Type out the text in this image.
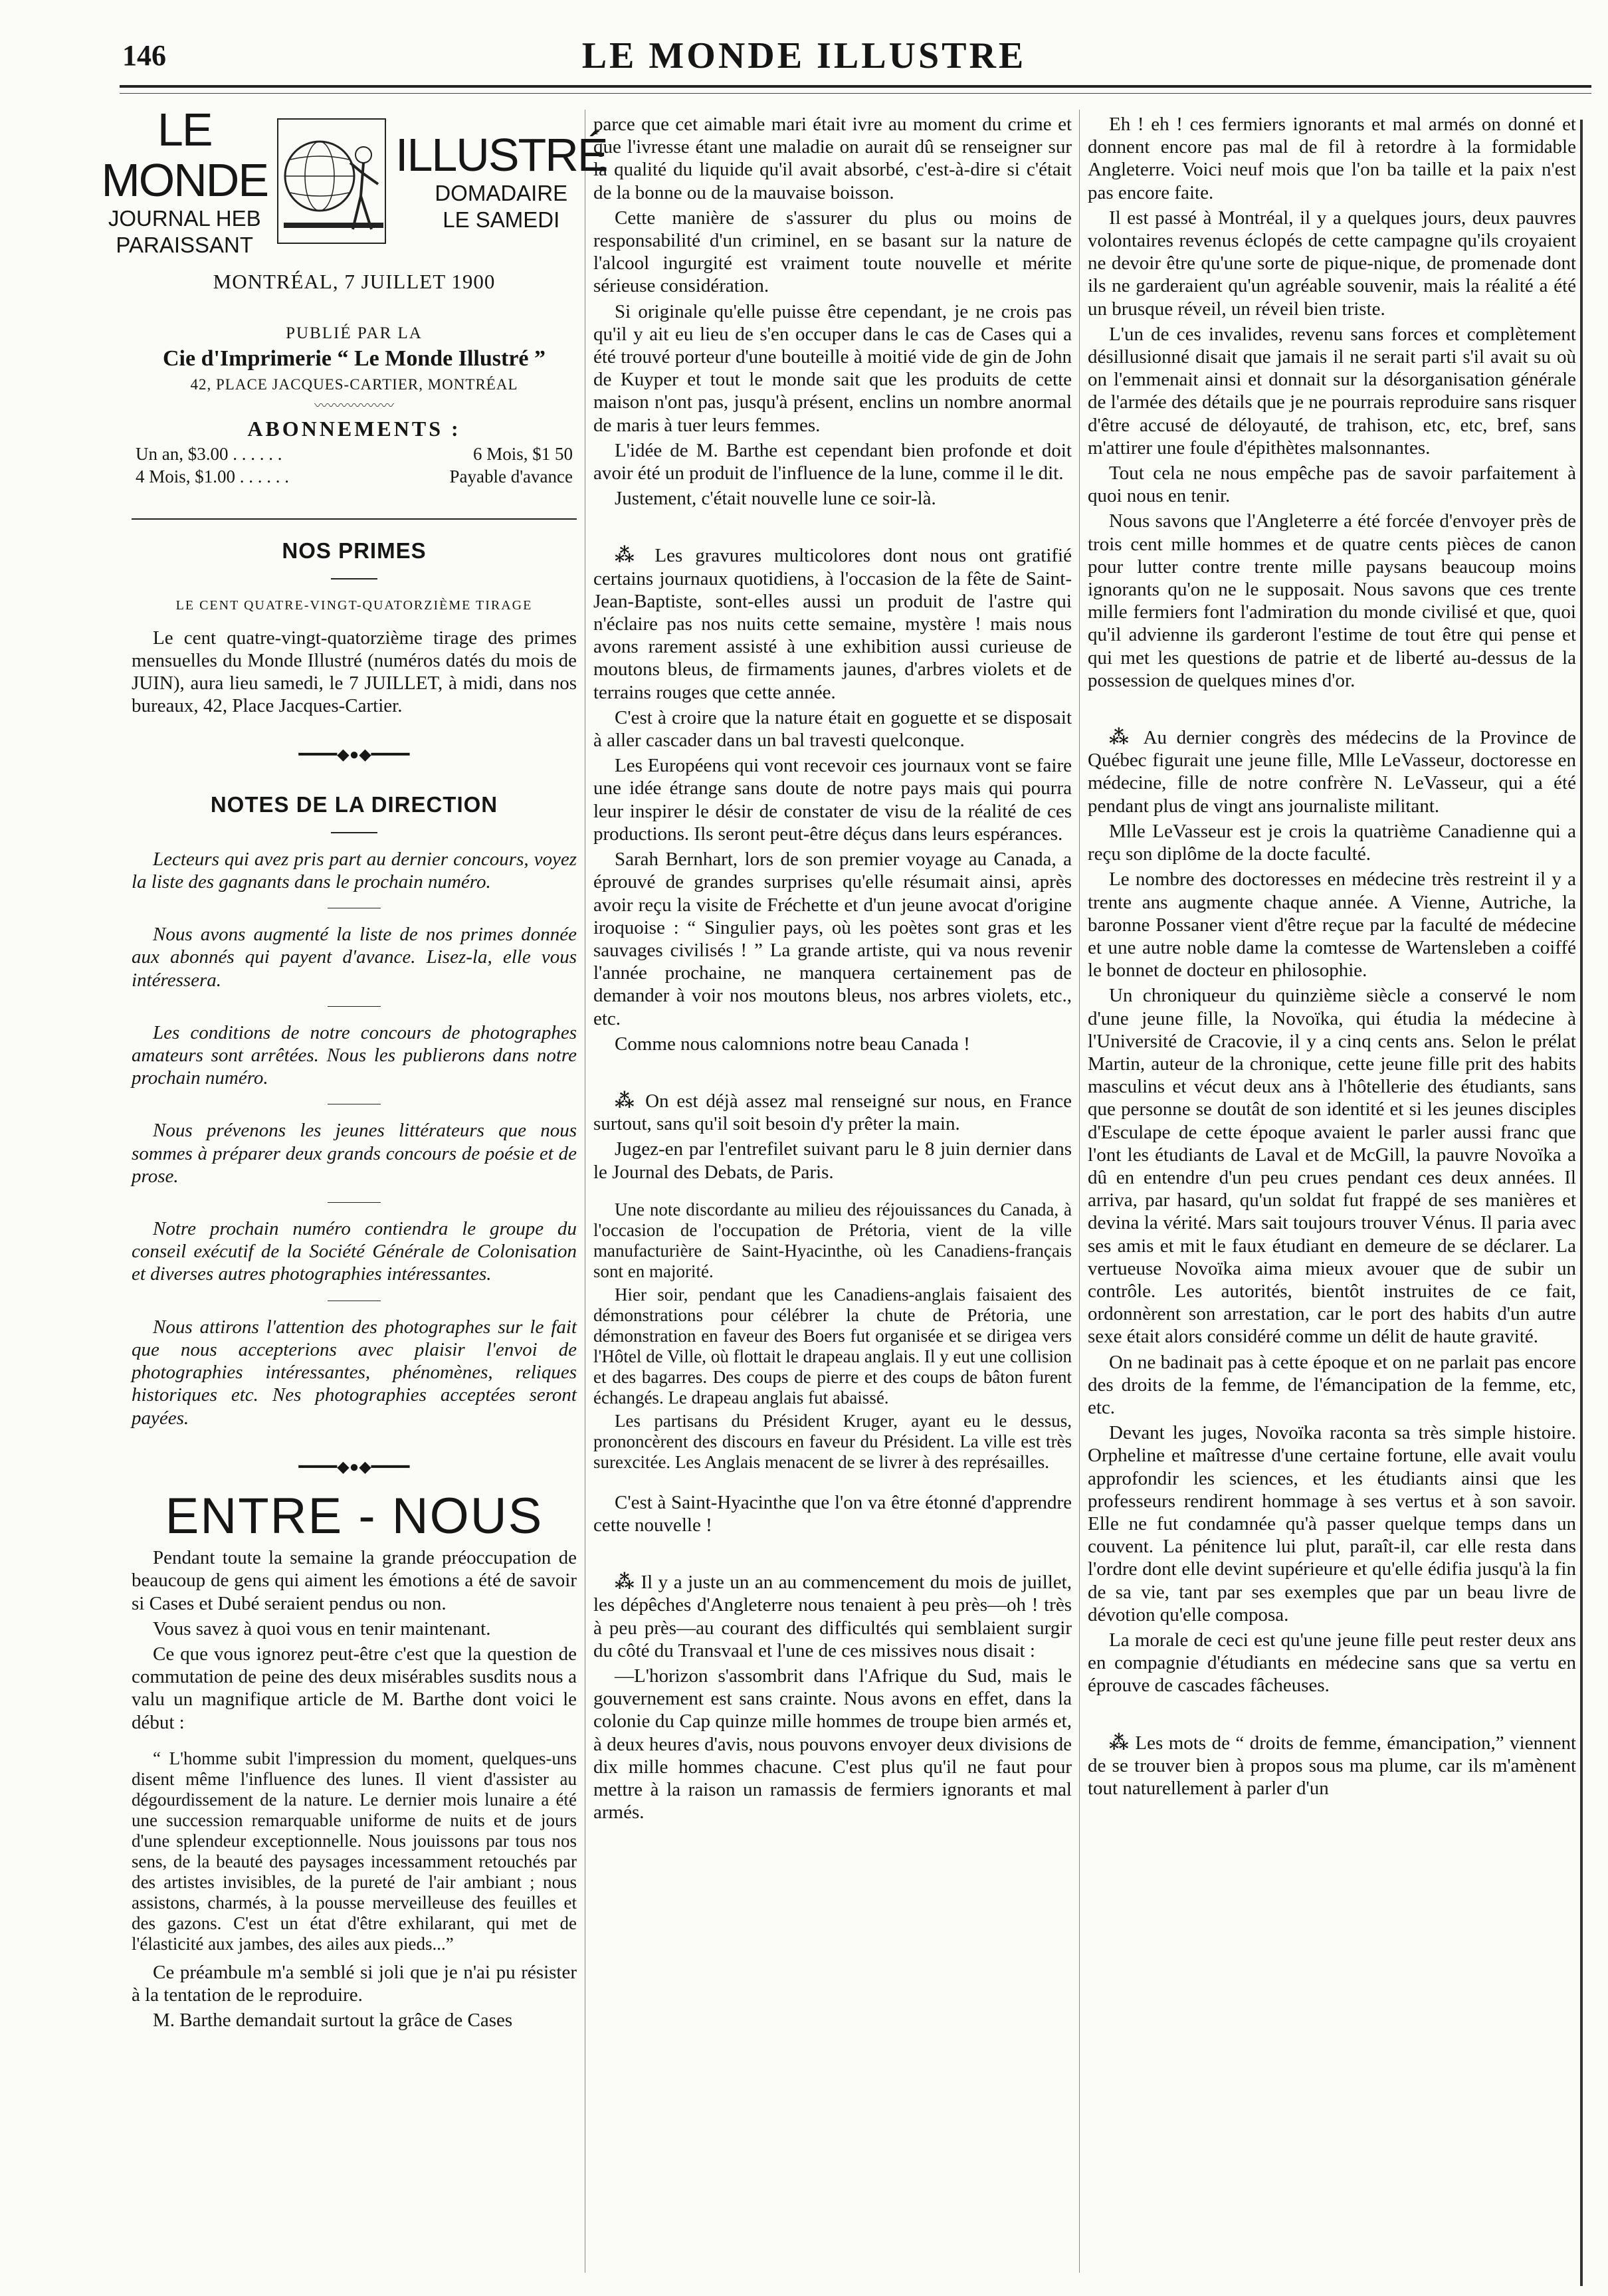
146	LE MONDE ILLUSTRE
LE MONDE
JOURNAL HEB
PARAISSANT
ILLUSTRÉ
DOMADAIRE
LE SAMEDI
MONTRÉAL, 7 JUILLET 1900
PUBLIÉ PAR LA
Cie d'Imprimerie “ Le Monde Illustré ”
42, PLACE JACQUES-CARTIER, MONTRÉAL
〰〰〰〰〰〰
ABONNEMENTS :
Un an, $3.00 . . . . . .	6 Mois, $1 50
4 Mois, $1.00 . . . . . .	Payable d'avance
NOS PRIMES
LE CENT QUATRE-VINGT-QUATORZIÈME TIRAGE

Le cent quatre-vingt-quatorzième tirage des primes mensuelles du Monde Illustré (numéros datés du mois de JUIN), aura lieu samedi, le 7 JUILLET, à midi, dans nos bureaux, 42, Place Jacques-Cartier.

━━━━◆●◆━━━━
NOTES DE LA DIRECTION

Lecteurs qui avez pris part au dernier concours, voyez la liste des gagnants dans le prochain numéro.

Nous avons augmenté la liste de nos primes donnée aux abonnés qui payent d'avance. Lisez-la, elle vous intéressera.

Les conditions de notre concours de photographes amateurs sont arrêtées. Nous les publierons dans notre prochain numéro.

Nous prévenons les jeunes littérateurs que nous sommes à préparer deux grands concours de poésie et de prose.

Notre prochain numéro contiendra le groupe du conseil exécutif de la Société Générale de Colonisation et diverses autres photographies intéressantes.

Nous attirons l'attention des photographes sur le fait que nous accepterions avec plaisir l'envoi de photographies intéressantes, phénomènes, reliques historiques etc. Nes photographies acceptées seront payées.

━━━━◆●◆━━━━
ENTRE - NOUS

Pendant toute la semaine la grande préoccupation de beaucoup de gens qui aiment les émotions a été de savoir si Cases et Dubé seraient pendus ou non.

Vous savez à quoi vous en tenir maintenant.

Ce que vous ignorez peut-être c'est que la question de commutation de peine des deux misérables susdits nous a valu un magnifique article de M. Barthe dont voici le début :

“ L'homme subit l'impression du moment, quelques-uns disent même l'influence des lunes. Il vient d'assister au dégourdissement de la nature. Le dernier mois lunaire a été une succession remarquable uniforme de nuits et de jours d'une splendeur exceptionnelle. Nous jouissons par tous nos sens, de la beauté des paysages incessamment retouchés par des artistes invisibles, de la pureté de l'air ambiant ; nous assistons, charmés, à la pousse merveilleuse des feuilles et des gazons. C'est un état d'être exhilarant, qui met de l'élasticité aux jambes, des ailes aux pieds...”

Ce préambule m'a semblé si joli que je n'ai pu résister à la tentation de le reproduire.

M. Barthe demandait surtout la grâce de Cases

parce que cet aimable mari était ivre au moment du crime et que l'ivresse étant une maladie on aurait dû se renseigner sur la qualité du liquide qu'il avait absorbé, c'est-à-dire si c'était de la bonne ou de la mauvaise boisson.

Cette manière de s'assurer du plus ou moins de responsabilité d'un criminel, en se basant sur la nature de l'alcool ingurgité est vraiment toute nouvelle et mérite sérieuse considération.

Si originale qu'elle puisse être cependant, je ne crois pas qu'il y ait eu lieu de s'en occuper dans le cas de Cases qui a été trouvé porteur d'une bouteille à moitié vide de gin de John de Kuyper et tout le monde sait que les produits de cette maison n'ont pas, jusqu'à présent, enclins un nombre anormal de maris à tuer leurs femmes.

L'idée de M. Barthe est cependant bien profonde et doit avoir été un produit de l'influence de la lune, comme il le dit.

Justement, c'était nouvelle lune ce soir-là.

⁂ Les gravures multicolores dont nous ont gratifié certains journaux quotidiens, à l'occasion de la fête de Saint-Jean-Baptiste, sont-elles aussi un produit de l'astre qui n'éclaire pas nos nuits cette semaine, mystère ! mais nous avons rarement assisté à une exhibition aussi curieuse de moutons bleus, de firmaments jaunes, d'arbres violets et de terrains rouges que cette année.

C'est à croire que la nature était en goguette et se disposait à aller cascader dans un bal travesti quelconque.

Les Européens qui vont recevoir ces journaux vont se faire une idée étrange sans doute de notre pays mais qui pourra leur inspirer le désir de constater de visu de la réalité de ces productions. Ils seront peut-être déçus dans leurs espérances.

Sarah Bernhart, lors de son premier voyage au Canada, a éprouvé de grandes surprises qu'elle résumait ainsi, après avoir reçu la visite de Fréchette et d'un jeune avocat d'origine iroquoise : “ Singulier pays, où les poètes sont gras et les sauvages civilisés ! ” La grande artiste, qui va nous revenir l'année prochaine, ne manquera certainement pas de demander à voir nos moutons bleus, nos arbres violets, etc., etc.

Comme nous calomnions notre beau Canada !

⁂ On est déjà assez mal renseigné sur nous, en France surtout, sans qu'il soit besoin d'y prêter la main.

Jugez-en par l'entrefilet suivant paru le 8 juin dernier dans le Journal des Debats, de Paris.

Une note discordante au milieu des réjouissances du Canada, à l'occasion de l'occupation de Prétoria, vient de la ville manufacturière de Saint-Hyacinthe, où les Canadiens-français sont en majorité.

Hier soir, pendant que les Canadiens-anglais faisaient des démonstrations pour célébrer la chute de Prétoria, une démonstration en faveur des Boers fut organisée et se dirigea vers l'Hôtel de Ville, où flottait le drapeau anglais. Il y eut une collision et des bagarres. Des coups de pierre et des coups de bâton furent échangés. Le drapeau anglais fut abaissé.

Les partisans du Président Kruger, ayant eu le dessus, prononcèrent des discours en faveur du Président. La ville est très surexcitée. Les Anglais menacent de se livrer à des représailles.

C'est à Saint-Hyacinthe que l'on va être étonné d'apprendre cette nouvelle !

⁂ Il y a juste un an au commencement du mois de juillet, les dépêches d'Angleterre nous tenaient à peu près—oh ! très à peu près—au courant des difficultés qui semblaient surgir du côté du Transvaal et l'une de ces missives nous disait :

—L'horizon s'assombrit dans l'Afrique du Sud, mais le gouvernement est sans crainte. Nous avons en effet, dans la colonie du Cap quinze mille hommes de troupe bien armés et, à deux heures d'avis, nous pouvons envoyer deux divisions de dix mille hommes chacune. C'est plus qu'il ne faut pour mettre à la raison un ramassis de fermiers ignorants et mal armés.

Eh ! eh ! ces fermiers ignorants et mal armés on donné et donnent encore pas mal de fil à retordre à la formidable Angleterre. Voici neuf mois que l'on ba taille et la paix n'est pas encore faite.

Il est passé à Montréal, il y a quelques jours, deux pauvres volontaires revenus éclopés de cette campagne qu'ils croyaient ne devoir être qu'une sorte de pique-nique, de promenade dont ils ne garderaient qu'un agréable souvenir, mais la réalité a été un brusque réveil, un réveil bien triste.

L'un de ces invalides, revenu sans forces et complètement désillusionné disait que jamais il ne serait parti s'il avait su où on l'emmenait ainsi et donnait sur la désorganisation générale de l'armée des détails que je ne pourrais reproduire sans risquer d'être accusé de déloyauté, de trahison, etc, etc, bref, sans m'attirer une foule d'épithètes malsonnantes.

Tout cela ne nous empêche pas de savoir parfaitement à quoi nous en tenir.

Nous savons que l'Angleterre a été forcée d'envoyer près de trois cent mille hommes et de quatre cents pièces de canon pour lutter contre trente mille paysans beaucoup moins ignorants qu'on ne le supposait. Nous savons que ces trente mille fermiers font l'admiration du monde civilisé et que, quoi qu'il advienne ils garderont l'estime de tout être qui pense et qui met les questions de patrie et de liberté au-dessus de la possession de quelques mines d'or.

⁂ Au dernier congrès des médecins de la Province de Québec figurait une jeune fille, Mlle LeVasseur, doctoresse en médecine, fille de notre confrère N. LeVasseur, qui a été pendant plus de vingt ans journaliste militant.

Mlle LeVasseur est je crois la quatrième Canadienne qui a reçu son diplôme de la docte faculté.

Le nombre des doctoresses en médecine très restreint il y a trente ans augmente chaque année. A Vienne, Autriche, la baronne Possaner vient d'être reçue par la faculté de médecine et une autre noble dame la comtesse de Wartensleben a coiffé le bonnet de docteur en philosophie.

Un chroniqueur du quinzième siècle a conservé le nom d'une jeune fille, la Novoïka, qui étudia la médecine à l'Université de Cracovie, il y a cinq cents ans. Selon le prélat Martin, auteur de la chronique, cette jeune fille prit des habits masculins et vécut deux ans à l'hôtellerie des étudiants, sans que personne se doutât de son identité et si les jeunes disciples d'Esculape de cette époque avaient le parler aussi franc que l'ont les étudiants de Laval et de McGill, la pauvre Novoïka a dû en entendre d'un peu crues pendant ces deux années. Il arriva, par hasard, qu'un soldat fut frappé de ses manières et devina la vérité. Mars sait toujours trouver Vénus. Il paria avec ses amis et mit le faux étudiant en demeure de se déclarer. La vertueuse Novoïka aima mieux avouer que de subir un contrôle. Les autorités, bientôt instruites de ce fait, ordonnèrent son arrestation, car le port des habits d'un autre sexe était alors considéré comme un délit de haute gravité.

On ne badinait pas à cette époque et on ne parlait pas encore des droits de la femme, de l'émancipation de la femme, etc, etc.

Devant les juges, Novoïka raconta sa très simple histoire. Orpheline et maîtresse d'une certaine fortune, elle avait voulu approfondir les sciences, et les étudiants ainsi que les professeurs rendirent hommage à ses vertus et à son savoir. Elle ne fut condamnée qu'à passer quelque temps dans un couvent. La pénitence lui plut, paraît-il, car elle resta dans l'ordre dont elle devint supérieure et qu'elle édifia jusqu'à la fin de sa vie, tant par ses exemples que par un beau livre de dévotion qu'elle composa.

La morale de ceci est qu'une jeune fille peut rester deux ans en compagnie d'étudiants en médecine sans que sa vertu en éprouve de cascades fâcheuses.

⁂ Les mots de “ droits de femme, émancipation,” viennent de se trouver bien à propos sous ma plume, car ils m'amènent tout naturellement à parler d'un
